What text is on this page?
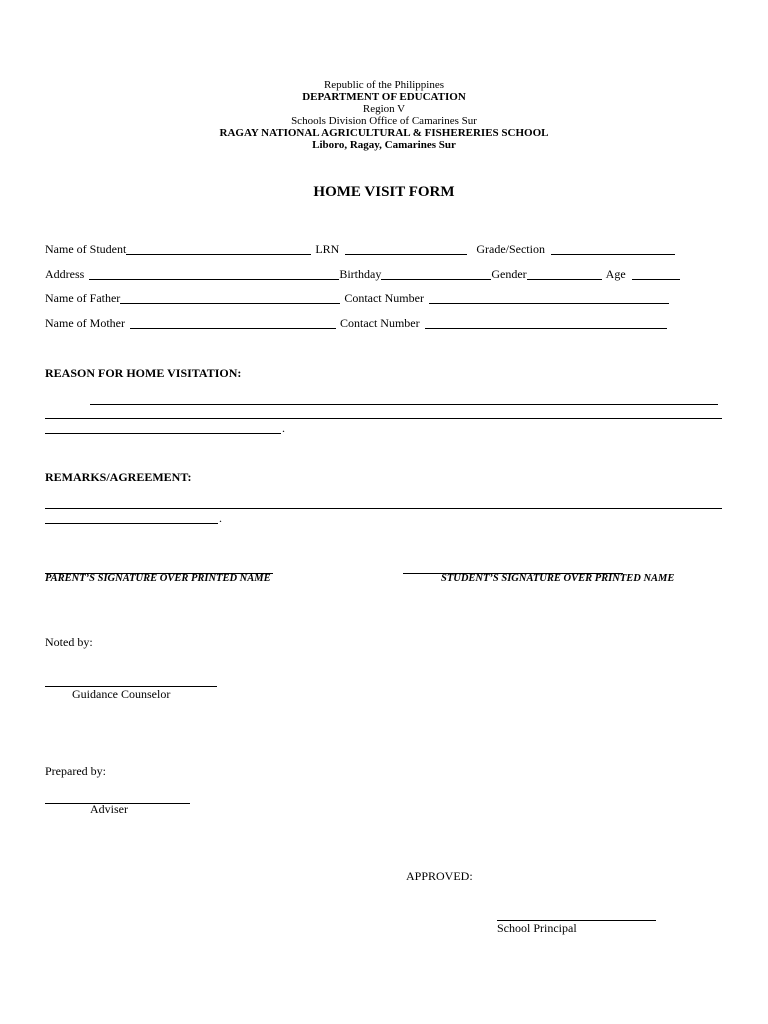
Republic of the Philippines
DEPARTMENT OF EDUCATION
Region V
Schools Division Office of Camarines Sur
RAGAY NATIONAL AGRICULTURAL & FISHERERIES SCHOOL
Liboro, Ragay, Camarines Sur
HOME VISIT FORM
Name of Student	LRN	Grade/Section
Address	Birthday	Gender	Age
Name of Father	Contact Number
Name of Mother	Contact Number
REASON FOR HOME VISITATION:
.
REMARKS/AGREEMENT:
.
PARENT’S SIGNATURE OVER PRINTED NAME	STUDENT’S SIGNATURE OVER PRINTED NAME
Noted by:
Guidance Counselor
Prepared by:
Adviser
APPROVED:
School Principal
